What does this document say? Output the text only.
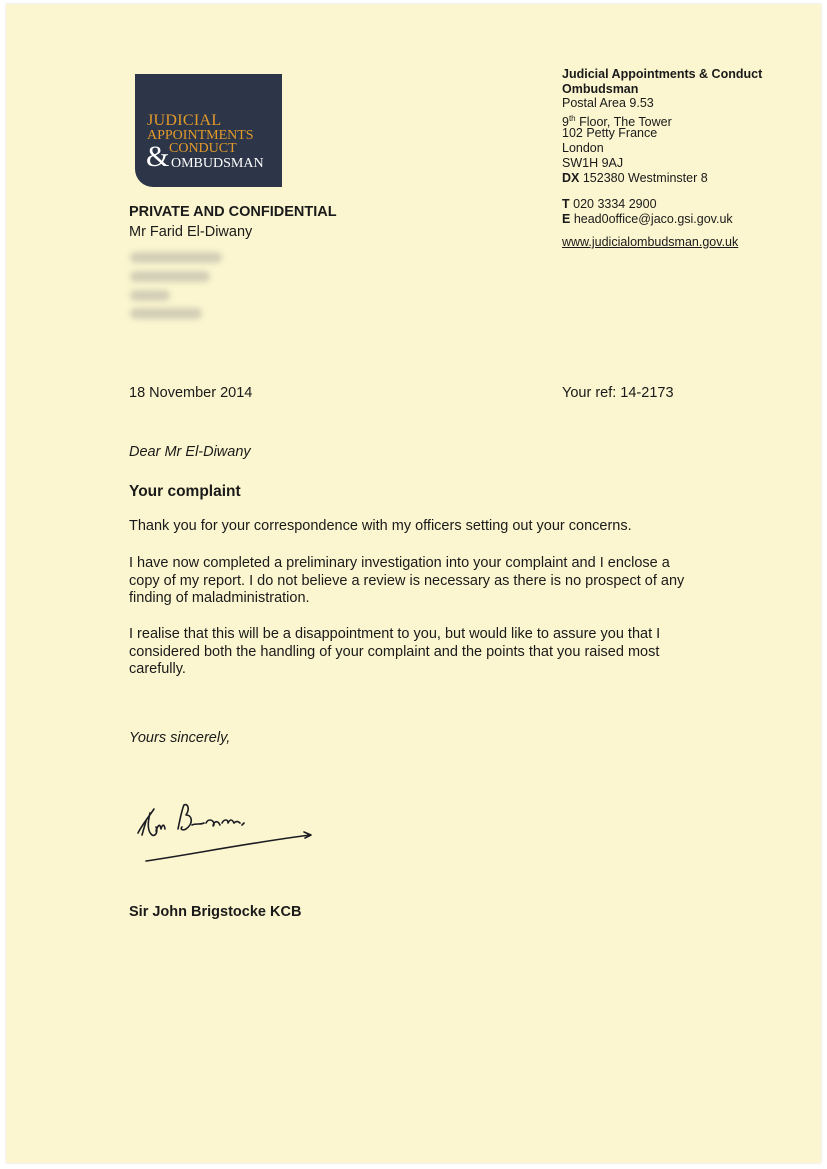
JUDICIAL
APPOINTMENTS
& CONDUCT
OMBUDSMAN
Judicial Appointments & Conduct
Ombudsman
Postal Area 9.53
9th Floor, The Tower
102 Petty France
London
SW1H 9AJ
DX 152380 Westminster 8
T 020 3334 2900
E head0office@jaco.gsi.gov.uk
www.judicialombudsman.gov.uk
PRIVATE AND CONFIDENTIAL
Mr Farid El-Diwany
18 November 2014	Your ref: 14-2173
Dear Mr El-Diwany
Your complaint
Thank you for your correspondence with my officers setting out your concerns.
I have now completed a preliminary investigation into your complaint and I enclose a copy of my report. I do not believe a review is necessary as there is no prospect of any finding of maladministration.
I realise that this will be a disappointment to you, but would like to assure you that I considered both the handling of your complaint and the points that you raised most carefully.
Yours sincerely,
Sir John Brigstocke KCB
